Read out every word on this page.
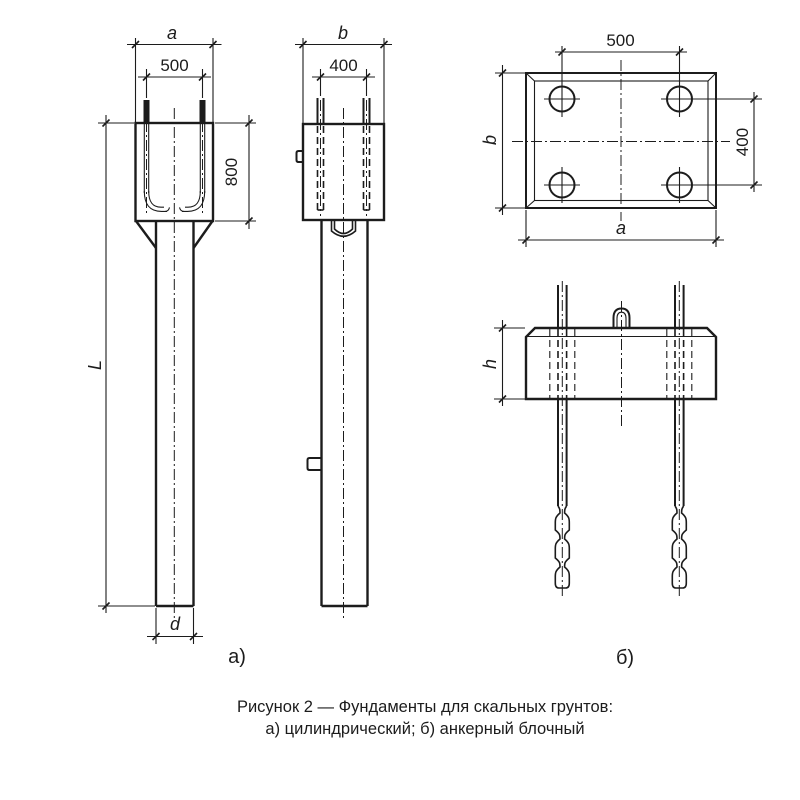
a
500
800
L
d
b
400
500
400
b
a
h
а)	б)
Рисунок 2 — Фундаменты для скальных грунтов:
а) цилиндрический; б) анкерный блочный
